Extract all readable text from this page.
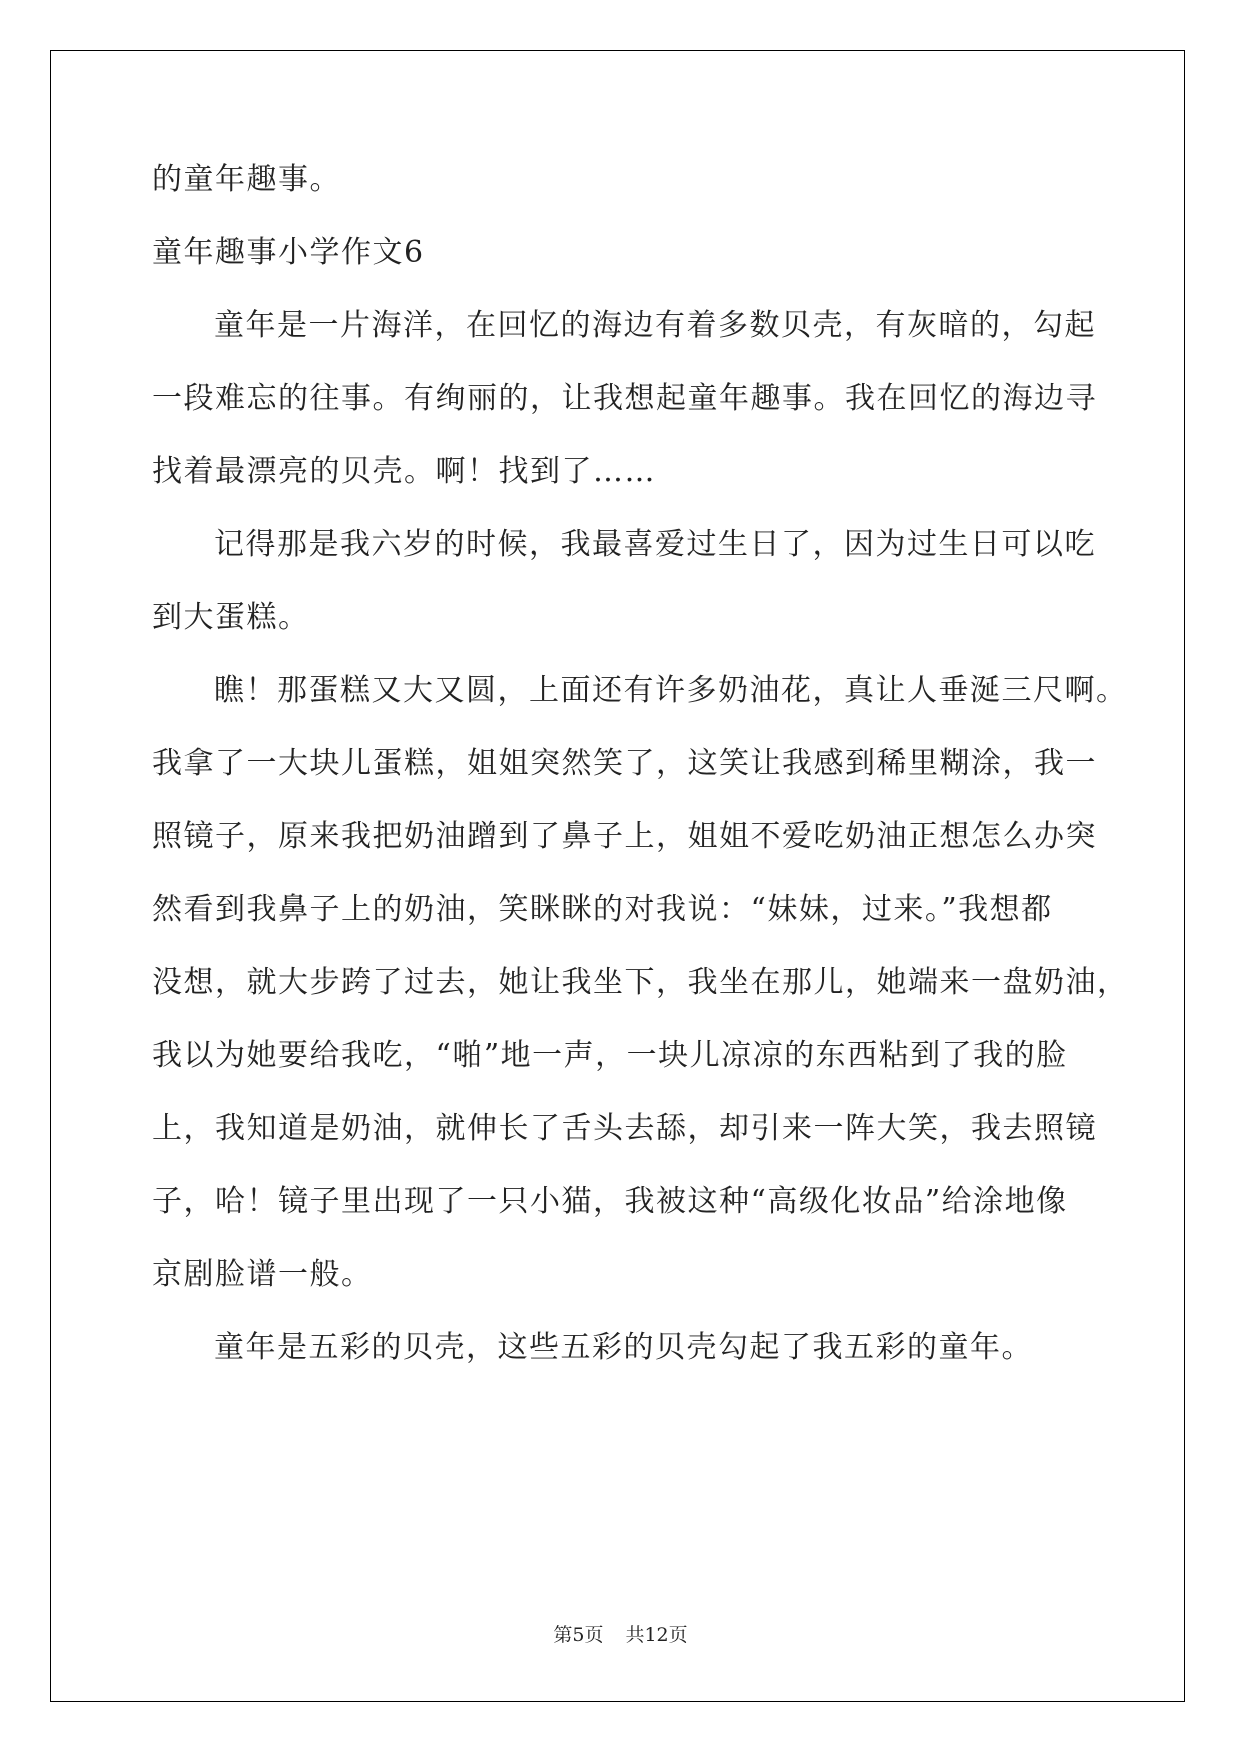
的童年趣事。
童年趣事小学作文6
童年是一片海洋，在回忆的海边有着多数贝壳，有灰暗的，勾起
一段难忘的往事。有绚丽的，让我想起童年趣事。我在回忆的海边寻
找着最漂亮的贝壳。啊！找到了……
记得那是我六岁的时候，我最喜爱过生日了，因为过生日可以吃
到大蛋糕。
瞧！那蛋糕又大又圆，上面还有许多奶油花，真让人垂涎三尺啊。
我拿了一大块儿蛋糕，姐姐突然笑了，这笑让我感到稀里糊涂，我一
照镜子，原来我把奶油蹭到了鼻子上，姐姐不爱吃奶油正想怎么办突
然看到我鼻子上的奶油，笑眯眯的对我说：“妹妹，过来。”我想都
没想，就大步跨了过去，她让我坐下，我坐在那儿，她端来一盘奶油，
我以为她要给我吃，“啪”地一声，一块儿凉凉的东西粘到了我的脸
上，我知道是奶油，就伸长了舌头去舔，却引来一阵大笑，我去照镜
子，哈！镜子里出现了一只小猫，我被这种“高级化妆品”给涂地像
京剧脸谱一般。
童年是五彩的贝壳，这些五彩的贝壳勾起了我五彩的童年。
第5页 共12页
